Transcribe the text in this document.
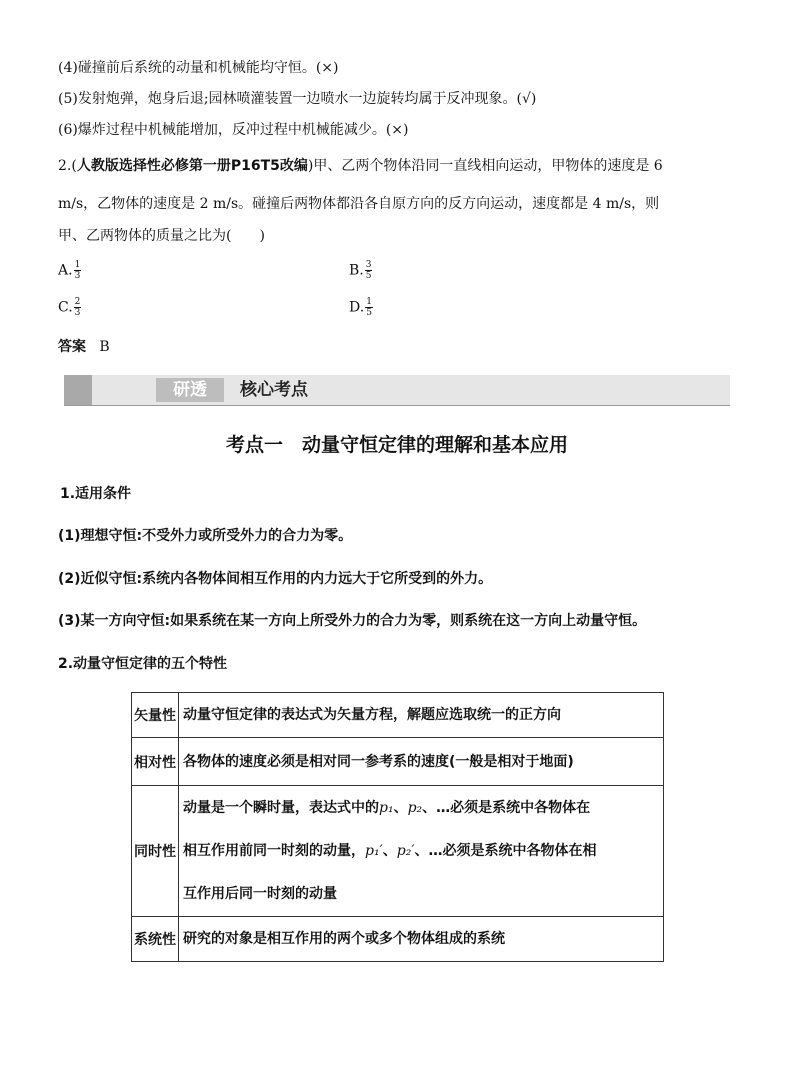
(4)碰撞前后系统的动量和机械能均守恒。(×)
(5)发射炮弹，炮身后退;园林喷灌装置一边喷水一边旋转均属于反冲现象。(√)
(6)爆炸过程中机械能增加，反冲过程中机械能减少。(×)
2.(人教版选择性必修第一册P16T5改编)甲、乙两个物体沿同一直线相向运动，甲物体的速度是 6
m/s，乙物体的速度是 2 m/s。碰撞后两物体都沿各自原方向的反方向运动，速度都是 4 m/s，则
甲、乙两物体的质量之比为(　　)
A. $\frac{1}{3}$	B. $\frac{3}{5}$
C. $\frac{2}{3}$	D. $\frac{1}{5}$
答案 B
研透	核心考点
考点一　动量守恒定律的理解和基本应用
1.适用条件
(1)理想守恒:不受外力或所受外力的合力为零。
(2)近似守恒:系统内各物体间相互作用的内力远大于它所受到的外力。
(3)某一方向守恒:如果系统在某一方向上所受外力的合力为零，则系统在这一方向上动量守恒。
2.动量守恒定律的五个特性
矢量性	动量守恒定律的表达式为矢量方程，解题应选取统一的正方向
相对性	各物体的速度必须是相对同一参考系的速度(一般是相对于地面)
同时性	动量是一个瞬时量，表达式中的p₁、p₂、…必须是系统中各物体在
相互作用前同一时刻的动量，p₁′、p₂′、…必须是系统中各物体在相
互作用后同一时刻的动量
系统性	研究的对象是相互作用的两个或多个物体组成的系统
